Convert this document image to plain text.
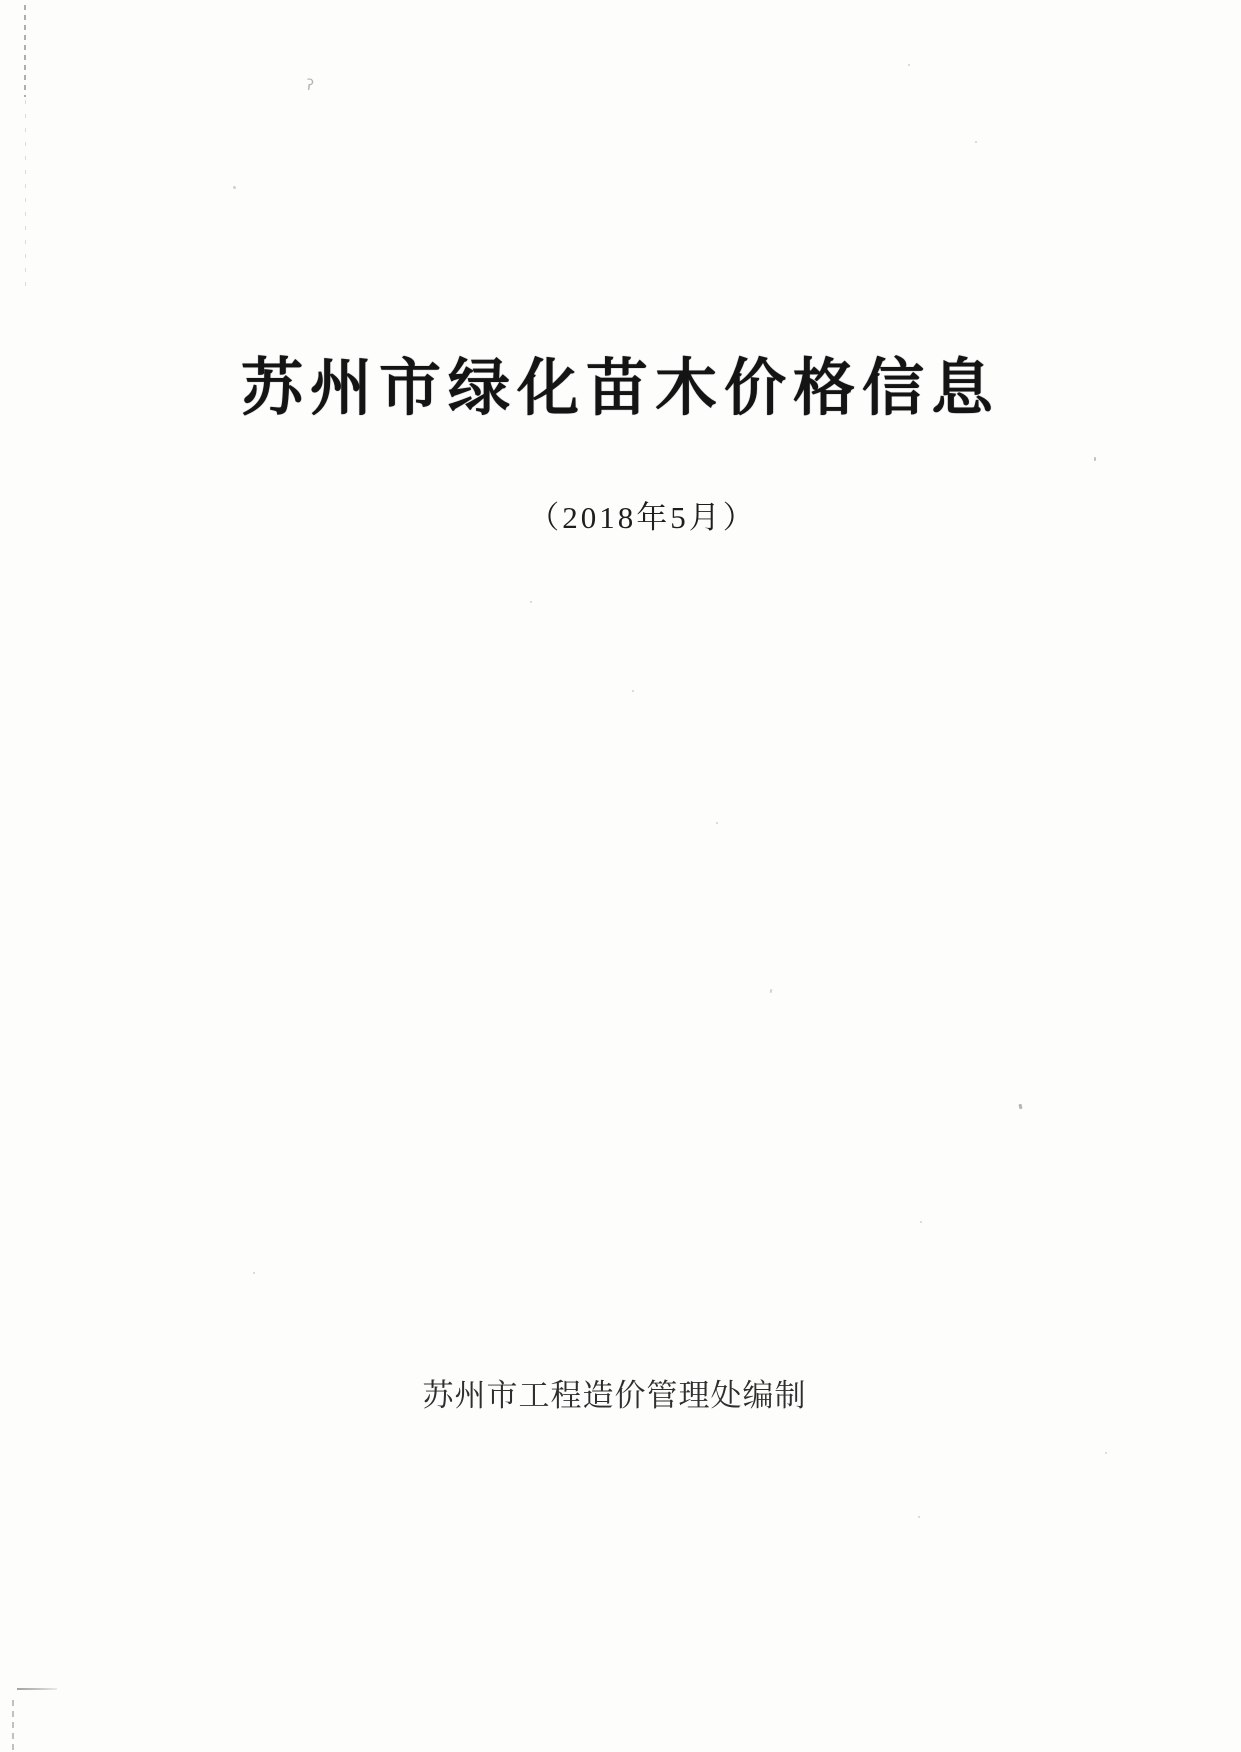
ʔ
苏州市绿化苗木价格信息
（2018年5月）
苏州市工程造价管理处编制
